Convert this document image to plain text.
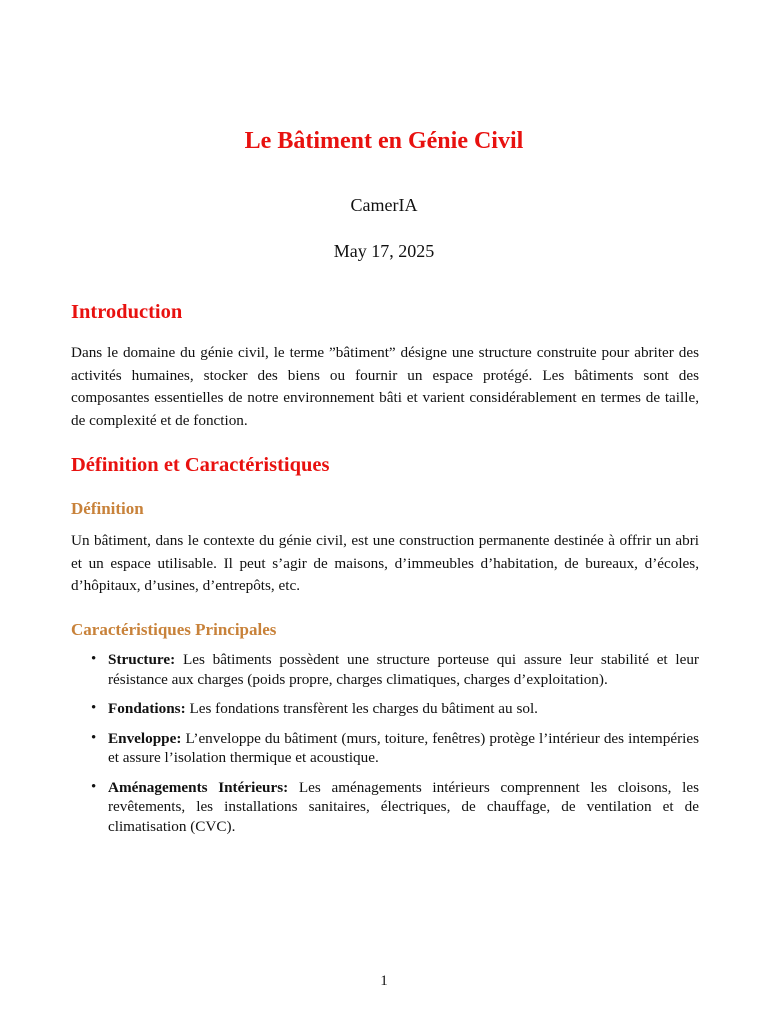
Le Bâtiment en Génie Civil

CamerIA

May 17, 2025

Introduction

Dans le domaine du génie civil, le terme ”bâtiment” désigne une structure construite pour abriter des activités humaines, stocker des biens ou fournir un espace protégé. Les bâtiments sont des composantes essentielles de notre environnement bâti et varient considérablement en termes de taille, de complexité et de fonction.

Définition et Caractéristiques
Définition

Un bâtiment, dans le contexte du génie civil, est une construction permanente destinée à offrir un abri et un espace utilisable. Il peut s’agir de maisons, d’immeubles d’habitation, de bureaux, d’écoles, d’hôpitaux, d’usines, d’entrepôts, etc.

Caractéristiques Principales
• Structure: Les bâtiments possèdent une structure porteuse qui assure leur stabilité et leur résistance aux charges (poids propre, charges climatiques, charges d’exploitation).
• Fondations: Les fondations transfèrent les charges du bâtiment au sol.
• Enveloppe: L’enveloppe du bâtiment (murs, toiture, fenêtres) protège l’intérieur des intempéries et assure l’isolation thermique et acoustique.
• Aménagements Intérieurs: Les aménagements intérieurs comprennent les cloisons, les revêtements, les installations sanitaires, électriques, de chauffage, de ventilation et de climatisation (CVC).

1
